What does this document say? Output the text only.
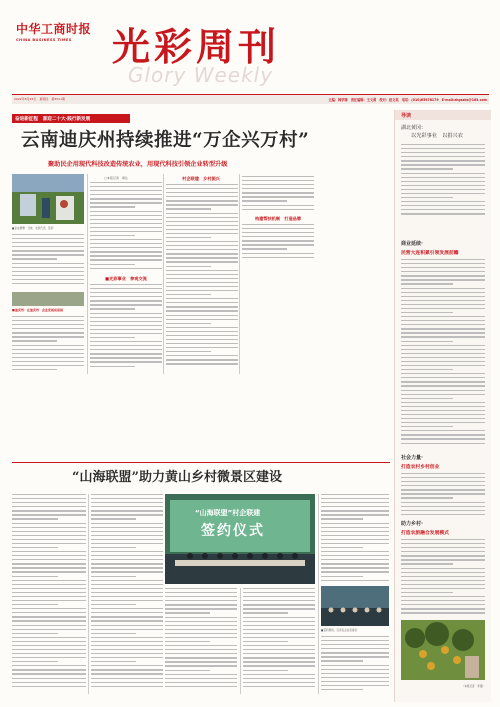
中华工商时报
CHINA BUSINESS TIMES	光彩周刊
Glory Weekly
2022年8月25日　星期四　第5511期	主编：韩学锋　责任编辑：王文勇　校对：赵文英　电话：(010)65976179　E-mail:zhgszbs@163.com
奋进新征程　喜迎二十大·践行新发展
云南迪庆州持续推进“万企兴万村”
聚助民企用现代科技改造传统农业，用现代科技引领企业转型升级
■企业捐赠　当地　农民代表　签约
■迪庆州：在迪庆州　企业发展成果展
□本报记者　胡达
■光彩事业　参观交流
村企联建　乡村振兴
构建帮扶机制　打造品牌
“山海联盟”助力黄山乡村微景区建设
“山海联盟”村企联建
签约仪式
■签约现场，百余名企业家参会
导读
湖北黄冈：
以光彩事业　以捐兴农
商业延续·
民营大连积累引领发展前瞻
社会力量·
打造农村乡村创业
助力乡村·
打造农旅融合发展模式
（本报记者　李强）
